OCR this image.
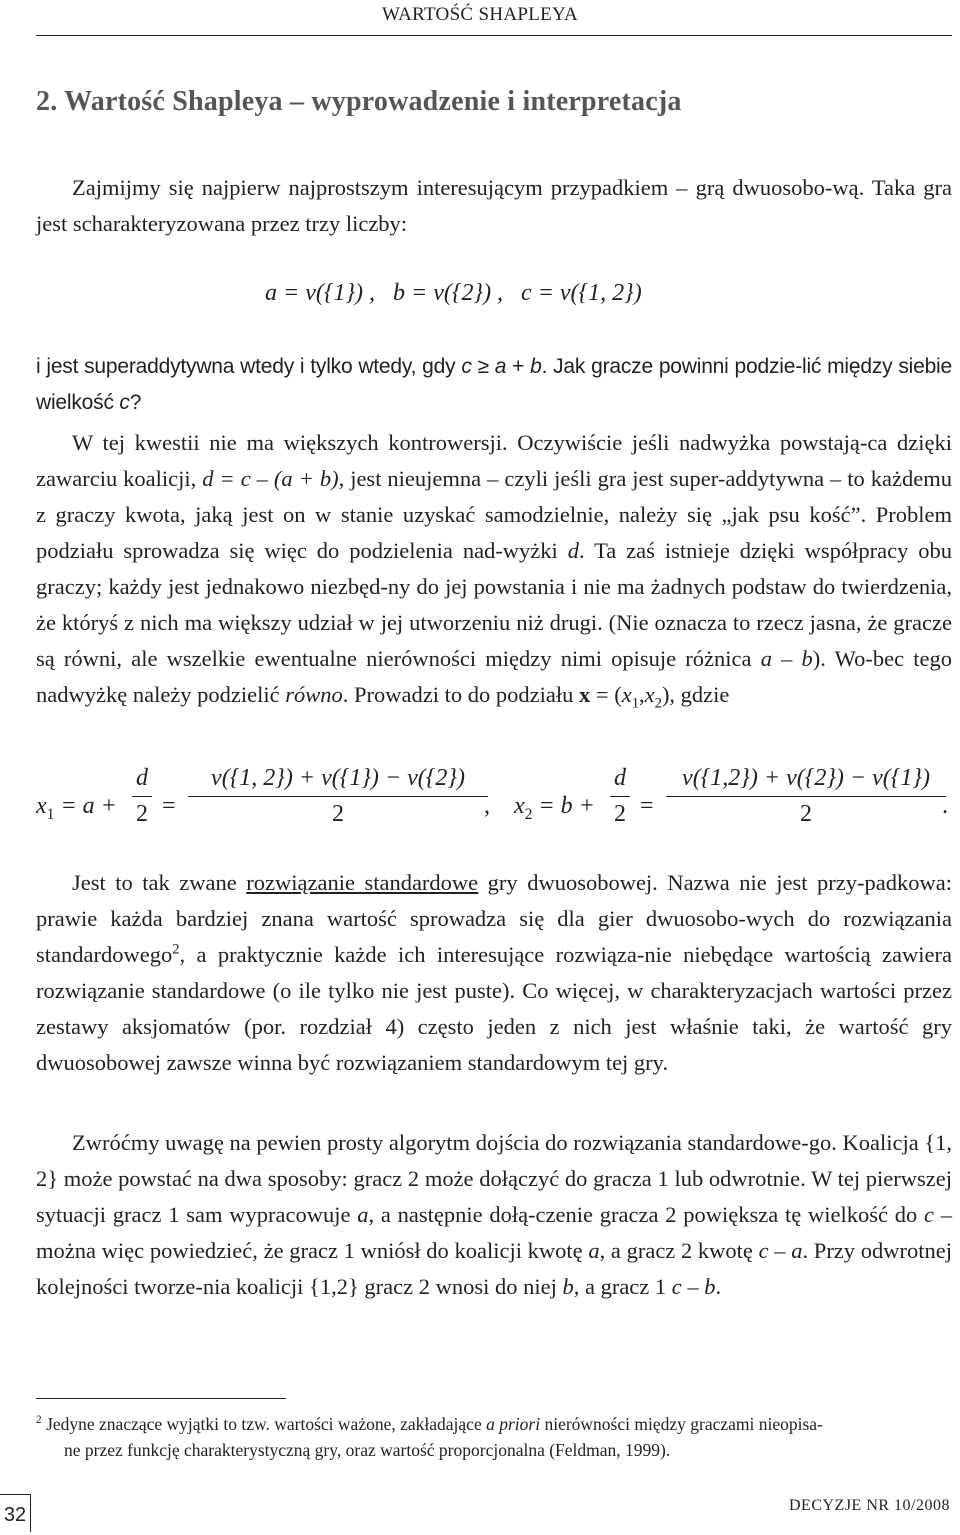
WARTOŚĆ SHAPLEYA
2. Wartość Shapleya – wyprowadzenie i interpretacja
Zajmijmy się najpierw najprostszym interesującym przypadkiem – grą dwuosobo-wą. Taka gra jest scharakteryzowana przez trzy liczby:
a = v({1}) ,   b = v({2}) ,   c = v({1, 2})
i jest superaddytywna wtedy i tylko wtedy, gdy c ≥ a + b. Jak gracze powinni podzie-lić między siebie wielkość c?
W tej kwestii nie ma większych kontrowersji. Oczywiście jeśli nadwyżka powstają-ca dzięki zawarciu koalicji, d = c – (a + b), jest nieujemna – czyli jeśli gra jest super-addytywna – to każdemu z graczy kwota, jaką jest on w stanie uzyskać samodzielnie, należy się „jak psu kość”. Problem podziału sprowadza się więc do podzielenia nad-wyżki d. Ta zaś istnieje dzięki współpracy obu graczy; każdy jest jednakowo niezbęd-ny do jej powstania i nie ma żadnych podstaw do twierdzenia, że któryś z nich ma większy udział w jej utworzeniu niż drugi. (Nie oznacza to rzecz jasna, że gracze są równi, ale wszelkie ewentualne nierówności między nimi opisuje różnica a – b). Wo-bec tego nadwyżkę należy podzielić równo. Prowadzi to do podziału $x = (x_1,x_2)$, gdzie
$x_1 = a$ +
d
2 =
v({1, 2}) + v({1}) − v({2})
2	, $x_2 = b$ +
d
2 =
v({1,2}) + v({2}) − v({1})
2	.
Jest to tak zwane rozwiązanie standardowe gry dwuosobowej. Nazwa nie jest przy-padkowa: prawie każda bardziej znana wartość sprowadza się dla gier dwuosobo-wych do rozwiązania standardowego$^2$, a praktycznie każde ich interesujące rozwiąza-nie niebędące wartością zawiera rozwiązanie standardowe (o ile tylko nie jest puste). Co więcej, w charakteryzacjach wartości przez zestawy aksjomatów (por. rozdział 4) często jeden z nich jest właśnie taki, że wartość gry dwuosobowej zawsze winna być rozwiązaniem standardowym tej gry.
Zwróćmy uwagę na pewien prosty algorytm dojścia do rozwiązania standardowe-go. Koalicja {1, 2} może powstać na dwa sposoby: gracz 2 może dołączyć do gracza 1 lub odwrotnie. W tej pierwszej sytuacji gracz 1 sam wypracowuje a, a następnie dołą-czenie gracza 2 powiększa tę wielkość do c – można więc powiedzieć, że gracz 1 wniósł do koalicji kwotę a, a gracz 2 kwotę c – a. Przy odwrotnej kolejności tworze-nia koalicji {1,2} gracz 2 wnosi do niej b, a gracz 1 c – b.
$^2$ Jedyne znaczące wyjątki to tzw. wartości ważone, zakładające a priori nierówności między graczami nieopisa-
ne przez funkcję charakterystyczną gry, oraz wartość proporcjonalna (Feldman, 1999).
32	DECYZJE NR 10/2008
